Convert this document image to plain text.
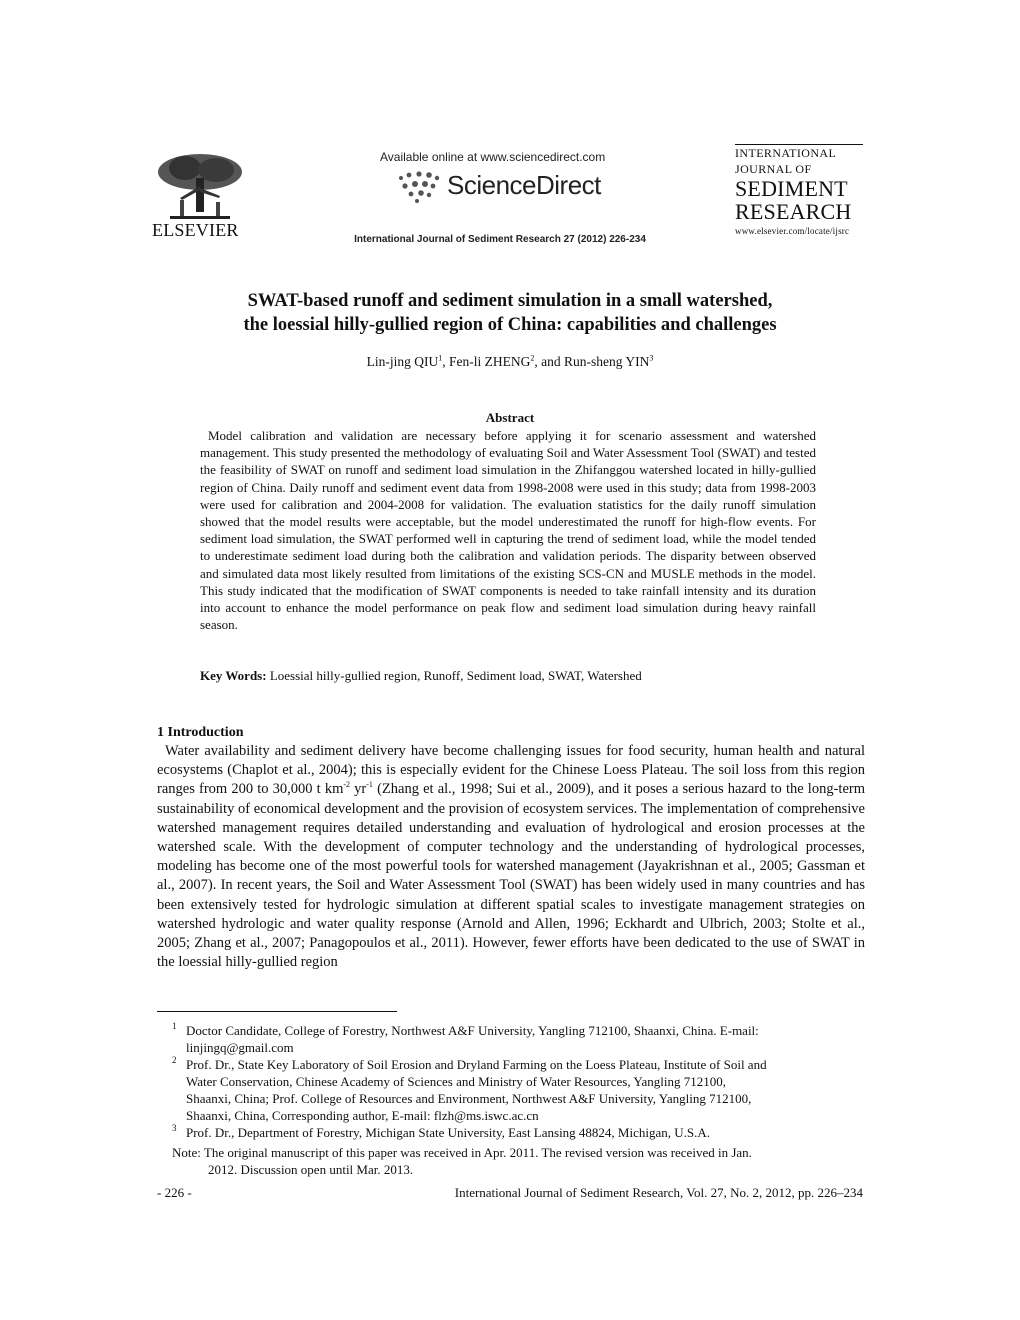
ELSEVIER
Available online at www.sciencedirect.com
ScienceDirect
International Journal of Sediment Research 27 (2012) 226-234
INTERNATIONAL
JOURNAL OF
SEDIMENT
RESEARCH
www.elsevier.com/locate/ijsrc
SWAT-based runoff and sediment simulation in a small watershed,
the loessial hilly-gullied region of China: capabilities and challenges
Lin-jing QIU$^1$, Fen-li ZHENG$^2$, and Run-sheng YIN$^3$
Abstract

Model calibration and validation are necessary before applying it for scenario assessment and watershed management. This study presented the methodology of evaluating Soil and Water Assessment Tool (SWAT) and tested the feasibility of SWAT on runoff and sediment load simulation in the Zhifanggou watershed located in hilly-gullied region of China. Daily runoff and sediment event data from 1998-2008 were used in this study; data from 1998-2003 were used for calibration and 2004-2008 for validation. The evaluation statistics for the daily runoff simulation showed that the model results were acceptable, but the model underestimated the runoff for high-flow events. For sediment load simulation, the SWAT performed well in capturing the trend of sediment load, while the model tended to underestimate sediment load during both the calibration and validation periods. The disparity between observed and simulated data most likely resulted from limitations of the existing SCS-CN and MUSLE methods in the model. This study indicated that the modification of SWAT components is needed to take rainfall intensity and its duration into account to enhance the model performance on peak flow and sediment load simulation during heavy rainfall season.

Key Words: Loessial hilly-gullied region, Runoff, Sediment load, SWAT, Watershed
1 Introduction

Water availability and sediment delivery have become challenging issues for food security, human health and natural ecosystems (Chaplot et al., 2004); this is especially evident for the Chinese Loess Plateau. The soil loss from this region ranges from 200 to 30,000 t $km^{-2}$ $yr^{-1}$ (Zhang et al., 1998; Sui et al., 2009), and it poses a serious hazard to the long-term sustainability of economical development and the provision of ecosystem services. The implementation of comprehensive watershed management requires detailed understanding and evaluation of hydrological and erosion processes at the watershed scale. With the development of computer technology and the understanding of hydrological processes, modeling has become one of the most powerful tools for watershed management (Jayakrishnan et al., 2005; Gassman et al., 2007). In recent years, the Soil and Water Assessment Tool (SWAT) has been widely used in many countries and has been extensively tested for hydrologic simulation at different spatial scales to investigate management strategies on watershed hydrologic and water quality response (Arnold and Allen, 1996; Eckhardt and Ulbrich, 2003; Stolte et al., 2005; Zhang et al., 2007; Panagopoulos et al., 2011). However, fewer efforts have been dedicated to the use of SWAT in the loessial hilly-gullied region

1 Doctor Candidate, College of Forestry, Northwest A&F University, Yangling 712100, Shaanxi, China. E-mail:
linjingq@gmail.com
2 Prof. Dr., State Key Laboratory of Soil Erosion and Dryland Farming on the Loess Plateau, Institute of Soil and
Water Conservation, Chinese Academy of Sciences and Ministry of Water Resources, Yangling 712100,
Shaanxi, China; Prof. College of Resources and Environment, Northwest A&F University, Yangling 712100,
Shaanxi, China, Corresponding author, E-mail: flzh@ms.iswc.ac.cn
3 Prof. Dr., Department of Forestry, Michigan State University, East Lansing 48824, Michigan, U.S.A.
Note: The original manuscript of this paper was received in Apr. 2011. The revised version was received in Jan.
2012. Discussion open until Mar. 2013.
- 226 -	International Journal of Sediment Research, Vol. 27, No. 2, 2012, pp. 226–234
